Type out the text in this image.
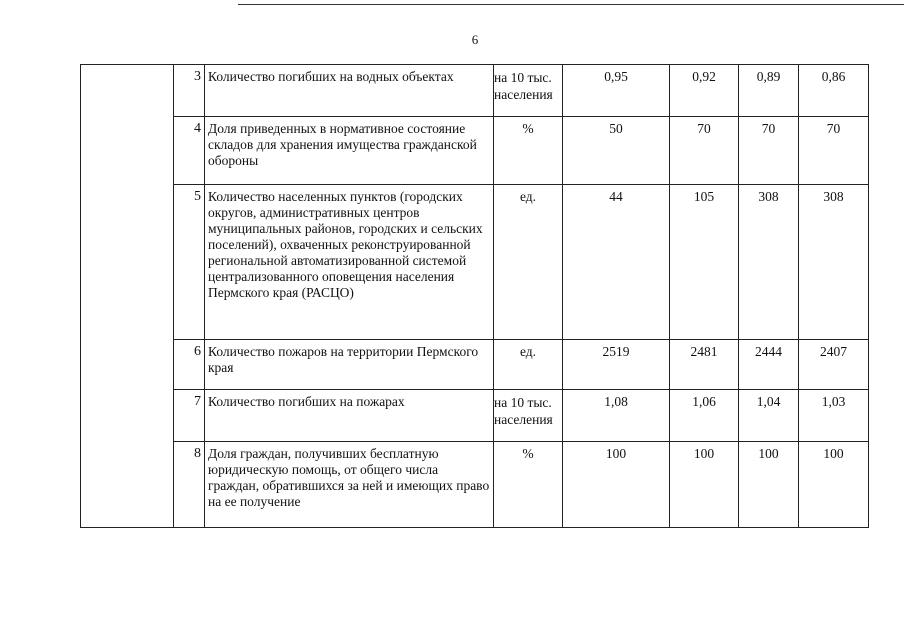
6
	3	Количество погибших на водных объектах	на 10 тыс. населения	0,95	0,92	0,89	0,86
	4	Доля приведенных в нормативное состояние складов для хранения имущества гражданской обороны	%	50	70	70	70
	5	Количество населенных пунктов (городских округов, административных центров муниципальных районов, городских и сельских поселений), охваченных реконструированной региональной автоматизированной системой централизованного оповещения населения Пермского края (РАСЦО)	ед.	44	105	308	308
	6	Количество пожаров на территории Пермского края	ед.	2519	2481	2444	2407
	7	Количество погибших на пожарах	на 10 тыс. населения	1,08	1,06	1,04	1,03
	8	Доля граждан, получивших бесплатную юридическую помощь, от общего числа граждан, обратившихся за ней и имеющих право на ее получение	%	100	100	100	100
